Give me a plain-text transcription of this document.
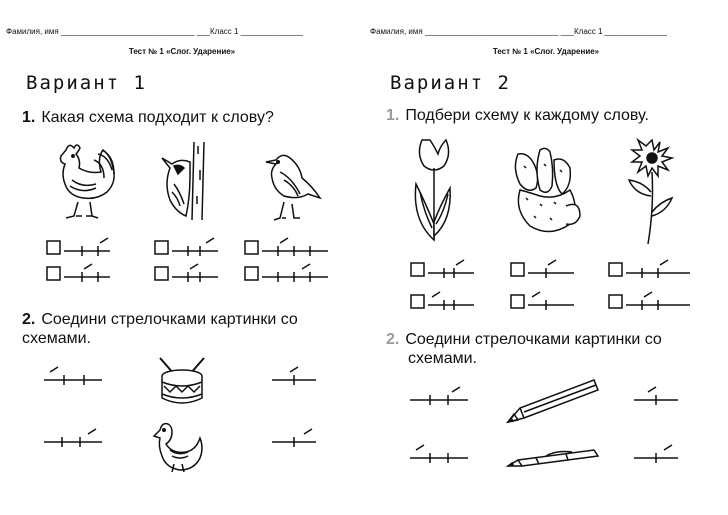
Фамилия, имя ______________________________ ___Класс 1 ______________
Тест № 1 «Слог. Ударение»
Вариант 1
1. Какая схема подходит к слову?
2. Соедини стрелочками картинки со
схемами.
Фамилия, имя ______________________________ ___Класс 1 ______________
Тест № 1 «Слог. Ударение»
Вариант 2
1. Подбери схему к каждому слову.
2. Соедини стрелочками картинки со
схемами.
